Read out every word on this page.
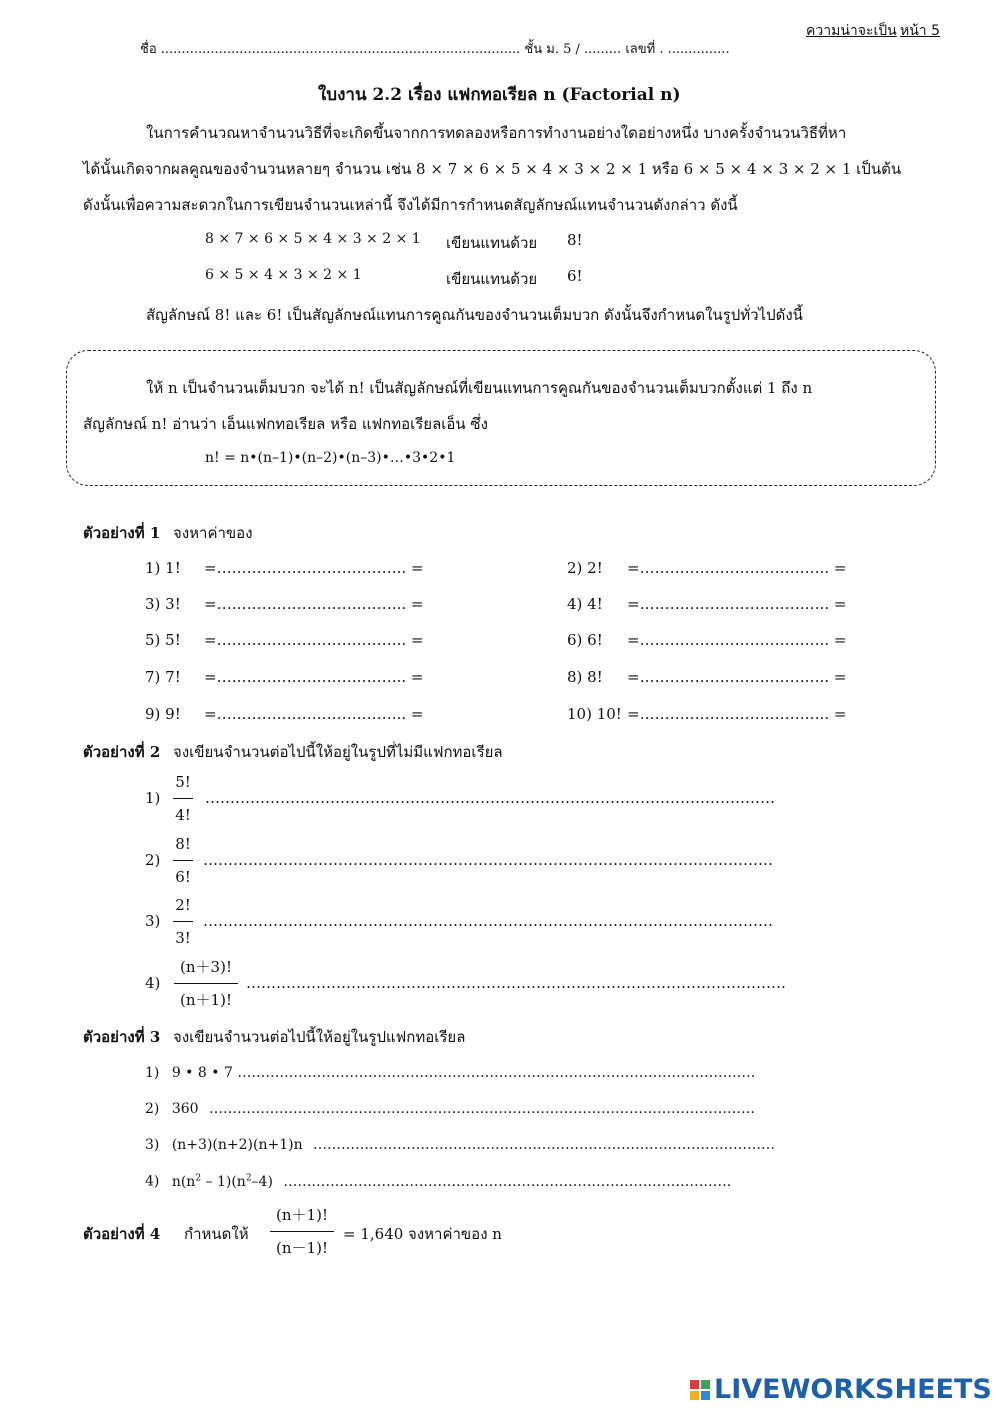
ความน่าจะเป็น หน้า 5
ชื่อ ....................................................................................... ชั้น ม. 5 / ......... เลขที่ . ...............
ใบงาน 2.2 เรื่อง แฟกทอเรียล n (Factorial n)
ในการคำนวณหาจำนวนวิธีที่จะเกิดขึ้นจากการทดลองหรือการทำงานอย่างใดอย่างหนึ่ง บางครั้งจำนวนวิธีที่หา
ได้นั้นเกิดจากผลคูณของจำนวนหลายๆ จำนวน เช่น 8 × 7 × 6 × 5 × 4 × 3 × 2 × 1 หรือ 6 × 5 × 4 × 3 × 2 × 1 เป็นต้น
ดังนั้นเพื่อความสะดวกในการเขียนจำนวนเหล่านี้ จึงได้มีการกำหนดสัญลักษณ์แทนจำนวนดังกล่าว ดังนี้
8 × 7 × 6 × 5 × 4 × 3 × 2 × 1 เขียนแทนด้วย 8!
6 × 5 × 4 × 3 × 2 × 1	เขียนแทนด้วย 6!
สัญลักษณ์ 8! และ 6! เป็นสัญลักษณ์แทนการคูณกันของจำนวนเต็มบวก ดังนั้นจึงกำหนดในรูปทั่วไปดังนี้
ให้ n เป็นจำนวนเต็มบวก จะได้ n! เป็นสัญลักษณ์ที่เขียนแทนการคูณกันของจำนวนเต็มบวกตั้งแต่ 1 ถึง n
สัญลักษณ์ n! อ่านว่า เอ็นแฟกทอเรียล หรือ แฟกทอเรียลเอ็น ซึ่ง
n! = n•(n–1)•(n–2)•(n–3)•…•3•2•1
ตัวอย่างที่ 1 จงหาค่าของ
1) 1! =……………………………….. =	2) 2! =……………………………….. =
3) 3! =……………………………….. =	4) 4! =……………………………….. =
5) 5! =……………………………….. =	6) 6! =……………………………….. =
7) 7! =……………………………….. =	8) 8! =……………………………….. =
9) 9! =……………………………….. =	10) 10! =……………………………….. =
ตัวอย่างที่ 2 จงเขียนจำนวนต่อไปนี้ให้อยู่ในรูปที่ไม่มีแฟกทอเรียล
1)
5!
4!
……………………………………………………………………………………………………
2)
8!
6!
……………………………………………………………………………………………………
3)
2!
3!
……………………………………………………………………………………………………
4)
(n＋3)!
(n＋1)!
………………………………………………………………………………………………
ตัวอย่างที่ 3 จงเขียนจำนวนต่อไปนี้ให้อยู่ในรูปแฟกทอเรียล
1) 9 • 8 • 7 …………………………………………………………………………………………………
2) 360 ………………………………………………………………………………………………………
3) (n+3)(n+2)(n+1)n ………………………………………………………………………………………
4) $n(n^2 - 1)(n^2-4)$ ……………………………………………………………………………………
ตัวอย่างที่ 4 กำหนดให้
(n＋1)!
(n－1)!
= 1,640 จงหาค่าของ n
LIVEWORKSHEETS
